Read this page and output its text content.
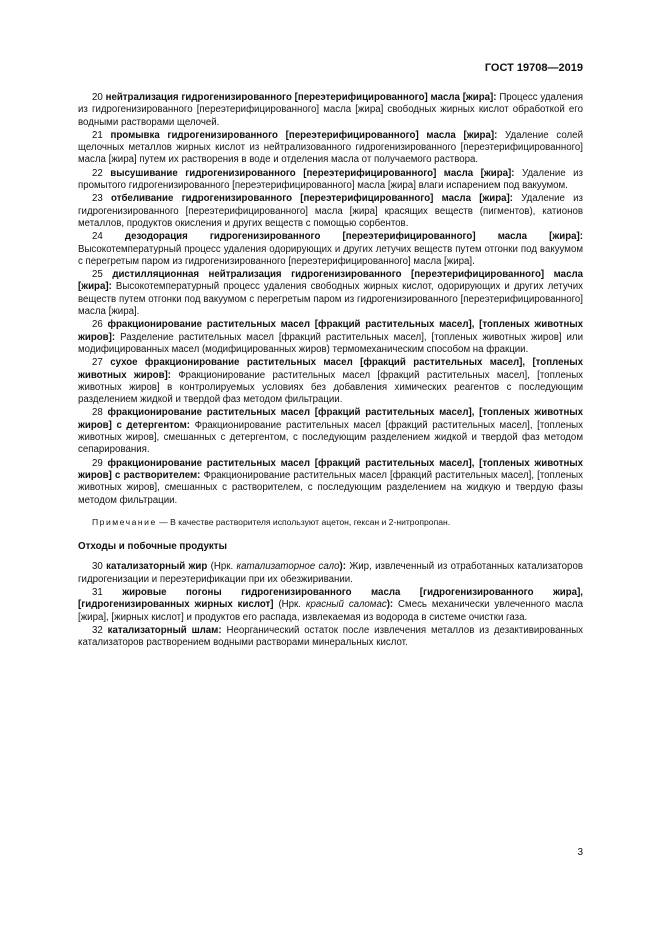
ГОСТ 19708—2019

20 нейтрализация гидрогенизированного [переэтерифицированного] масла [жира]: Процесс удаления из гидрогенизированного [переэтерифицированного] масла [жира] свободных жирных кислот обработкой его водными растворами щелочей.

21 промывка гидрогенизированного [переэтерифицированного] масла [жира]: Удаление солей щелочных металлов жирных кислот из нейтрализованного гидрогенизированного [переэтерифицированного] масла [жира] путем их растворения в воде и отделения масла от получаемого раствора.

22 высушивание гидрогенизированного [переэтерифицированного] масла [жира]: Удаление из промытого гидрогенизированного [переэтерифицированного] масла [жира] влаги испарением под вакуумом.

23 отбеливание гидрогенизированного [переэтерифицированного] масла [жира]: Удаление из гидрогенизированного [переэтерифицированного] масла [жира] красящих веществ (пигментов), катионов металлов, продуктов окисления и других веществ с помощью сорбентов.

24 дезодорация гидрогенизированного [переэтерифицированного] масла [жира]: Высокотемпературный процесс удаления одорирующих и других летучих веществ путем отгонки под вакуумом с перегретым паром из гидрогенизированного [переэтерифицированного] масла [жира].

25 дистилляционная нейтрализация гидрогенизированного [переэтерифицированного] масла [жира]: Высокотемпературный процесс удаления свободных жирных кислот, одорирующих и других летучих веществ путем отгонки под вакуумом с перегретым паром из гидрогенизированного [переэтерифицированного] масла [жира].

26 фракционирование растительных масел [фракций растительных масел], [топленых животных жиров]: Разделение растительных масел [фракций растительных масел], [топленых животных жиров] или модифицированных масел (модифицированных жиров) термомеханическим способом на фракции.

27 сухое фракционирование растительных масел [фракций растительных масел], [топленых животных жиров]: Фракционирование растительных масел [фракций растительных масел], [топленых животных жиров] в контролируемых условиях без добавления химических реагентов с последующим разделением жидкой и твердой фаз методом фильтрации.

28 фракционирование растительных масел [фракций растительных масел], [топленых животных жиров] с детергентом: Фракционирование растительных масел [фракций растительных масел], [топленых животных жиров], смешанных с детергентом, с последующим разделением жидкой и твердой фаз методом сепарирования.

29 фракционирование растительных масел [фракций растительных масел], [топленых животных жиров] с растворителем: Фракционирование растительных масел [фракций растительных масел], [топленых животных жиров], смешанных с растворителем, с последующим разделением на жидкую и твердую фазы методом фильтрации.

Примечание — В качестве растворителя используют ацетон, гексан и 2-нитропропан.

Отходы и побочные продукты

30 катализаторный жир (Нрк. катализаторное сало): Жир, извлеченный из отработанных катализаторов гидрогенизации и переэтерификации при их обезжиривании.

31 жировые погоны гидрогенизированного масла [гидрогенизированного жира], [гидрогенизированных жирных кислот] (Нрк. красный саломас): Смесь механически увлеченного масла [жира], [жирных кислот] и продуктов его распада, извлекаемая из водорода в системе очистки газа.

32 катализаторный шлам: Неорганический остаток после извлечения металлов из дезактивированных катализаторов растворением водными растворами минеральных кислот.

3
